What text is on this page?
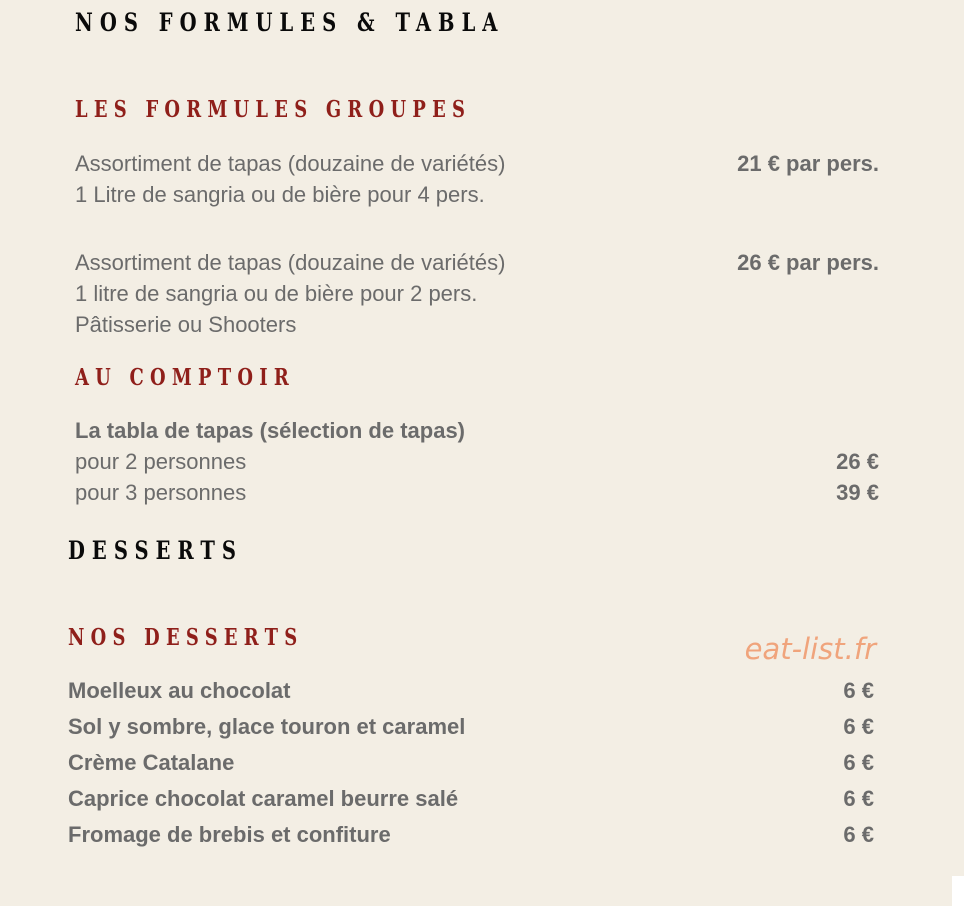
NOS FORMULES & TABLA
LES FORMULES GROUPES
Assortiment de tapas (douzaine de variétés)
1 Litre de sangria ou de bière pour 4 pers.
21 € par pers.
Assortiment de tapas (douzaine de variétés)
1 litre de sangria ou de bière pour 2 pers.
Pâtisserie ou Shooters
26 € par pers.
AU COMPTOIR
La tabla de tapas (sélection de tapas)
pour 2 personnes	26 €
pour 3 personnes	39 €
DESSERTS
NOS DESSERTS	eat-list.fr
Moelleux au chocolat	6 €
Sol y sombre, glace touron et caramel	6 €
Crème Catalane	6 €
Caprice chocolat caramel beurre salé	6 €
Fromage de brebis et confiture	6 €
